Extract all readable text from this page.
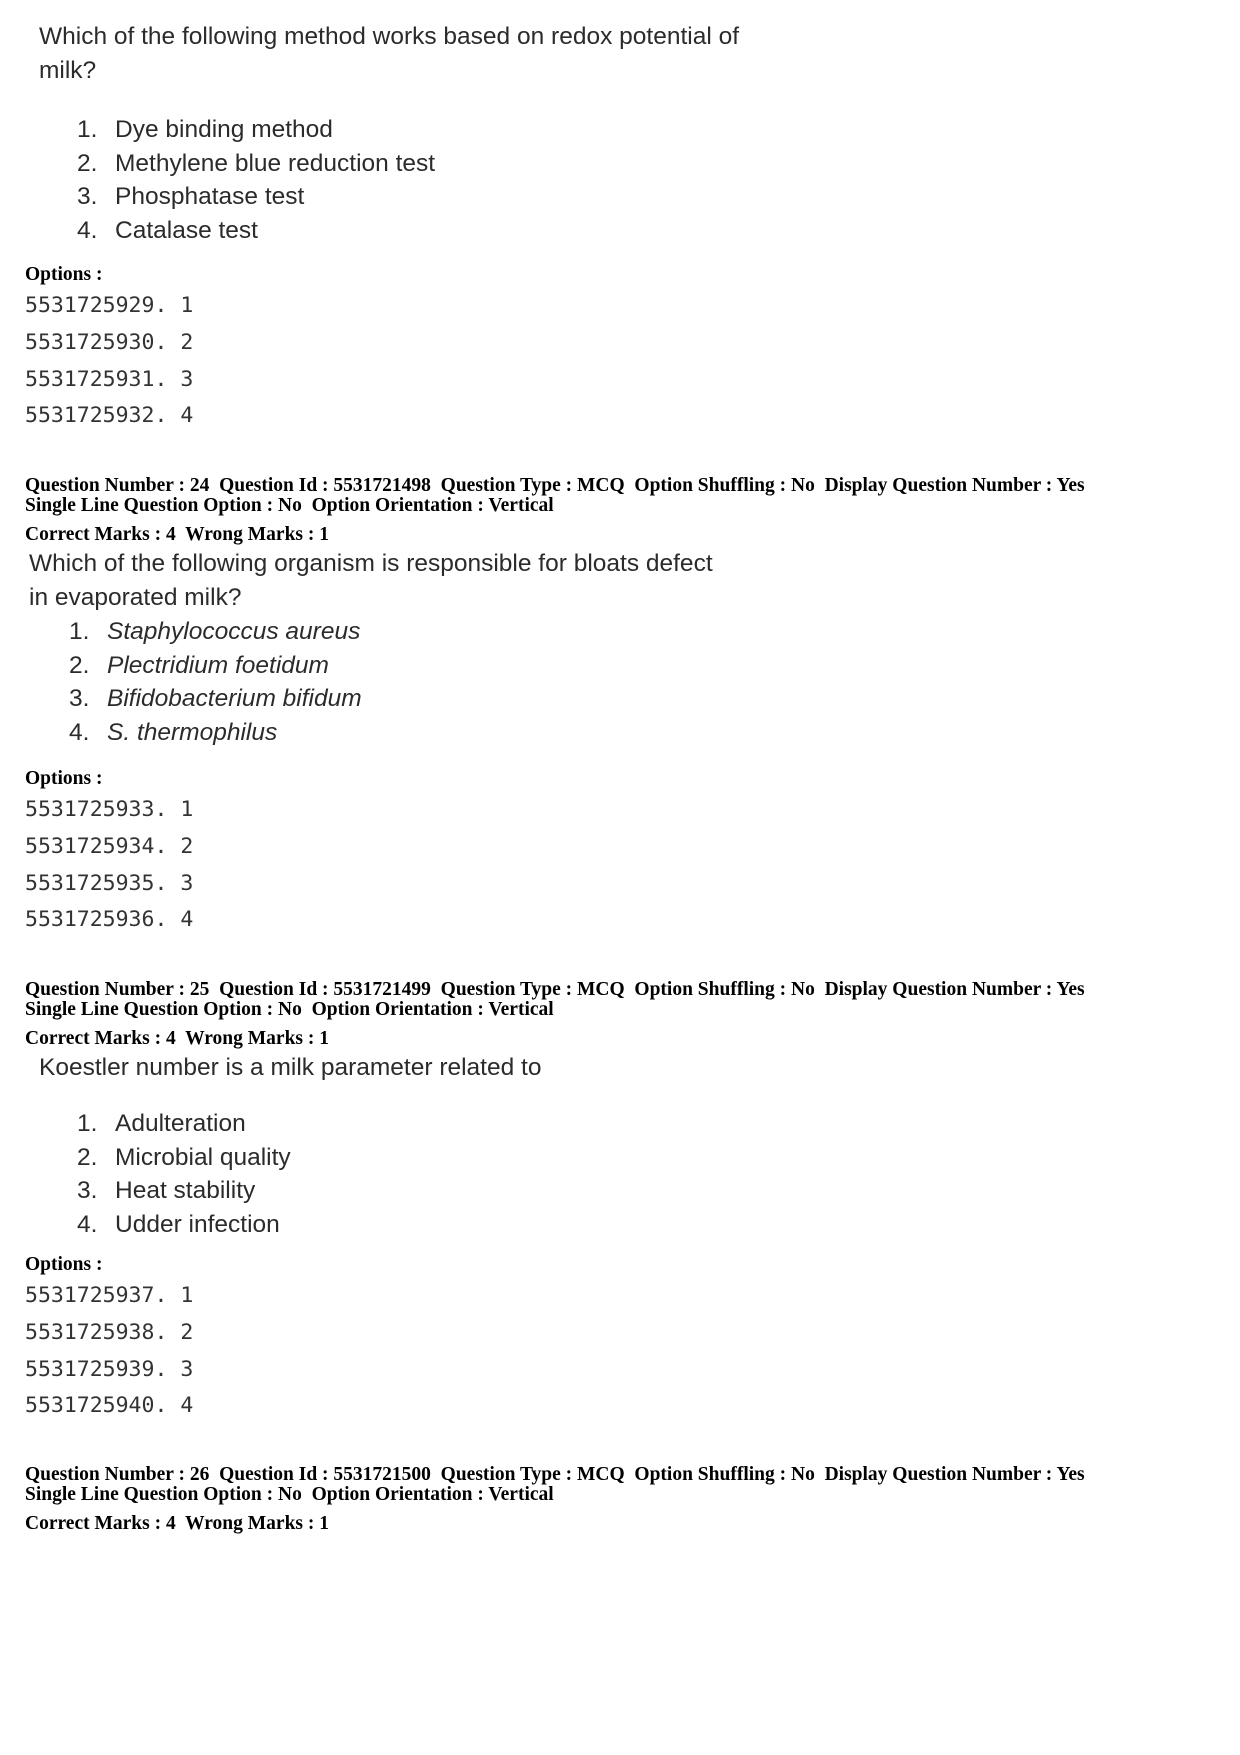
Which of the following method works based on redox potential of

milk?

1. Dye binding method
2. Methylene blue reduction test
3. Phosphatase test
4. Catalase test

Options :

5531725929. 1
5531725930. 2
5531725931. 3
5531725932. 4

Question Number : 24  Question Id : 5531721498  Question Type : MCQ  Option Shuffling : No  Display Question Number : Yes

Single Line Question Option : No  Option Orientation : Vertical

Correct Marks : 4  Wrong Marks : 1

Which of the following organism is responsible for bloats defect

in evaporated milk?

1. Staphylococcus aureus
2. Plectridium foetidum
3. Bifidobacterium bifidum
4. S. thermophilus

Options :

5531725933. 1
5531725934. 2
5531725935. 3
5531725936. 4

Question Number : 25  Question Id : 5531721499  Question Type : MCQ  Option Shuffling : No  Display Question Number : Yes

Single Line Question Option : No  Option Orientation : Vertical

Correct Marks : 4  Wrong Marks : 1

Koestler number is a milk parameter related to

1. Adulteration
2. Microbial quality
3. Heat stability
4. Udder infection

Options :

5531725937. 1
5531725938. 2
5531725939. 3
5531725940. 4

Question Number : 26  Question Id : 5531721500  Question Type : MCQ  Option Shuffling : No  Display Question Number : Yes

Single Line Question Option : No  Option Orientation : Vertical

Correct Marks : 4  Wrong Marks : 1
